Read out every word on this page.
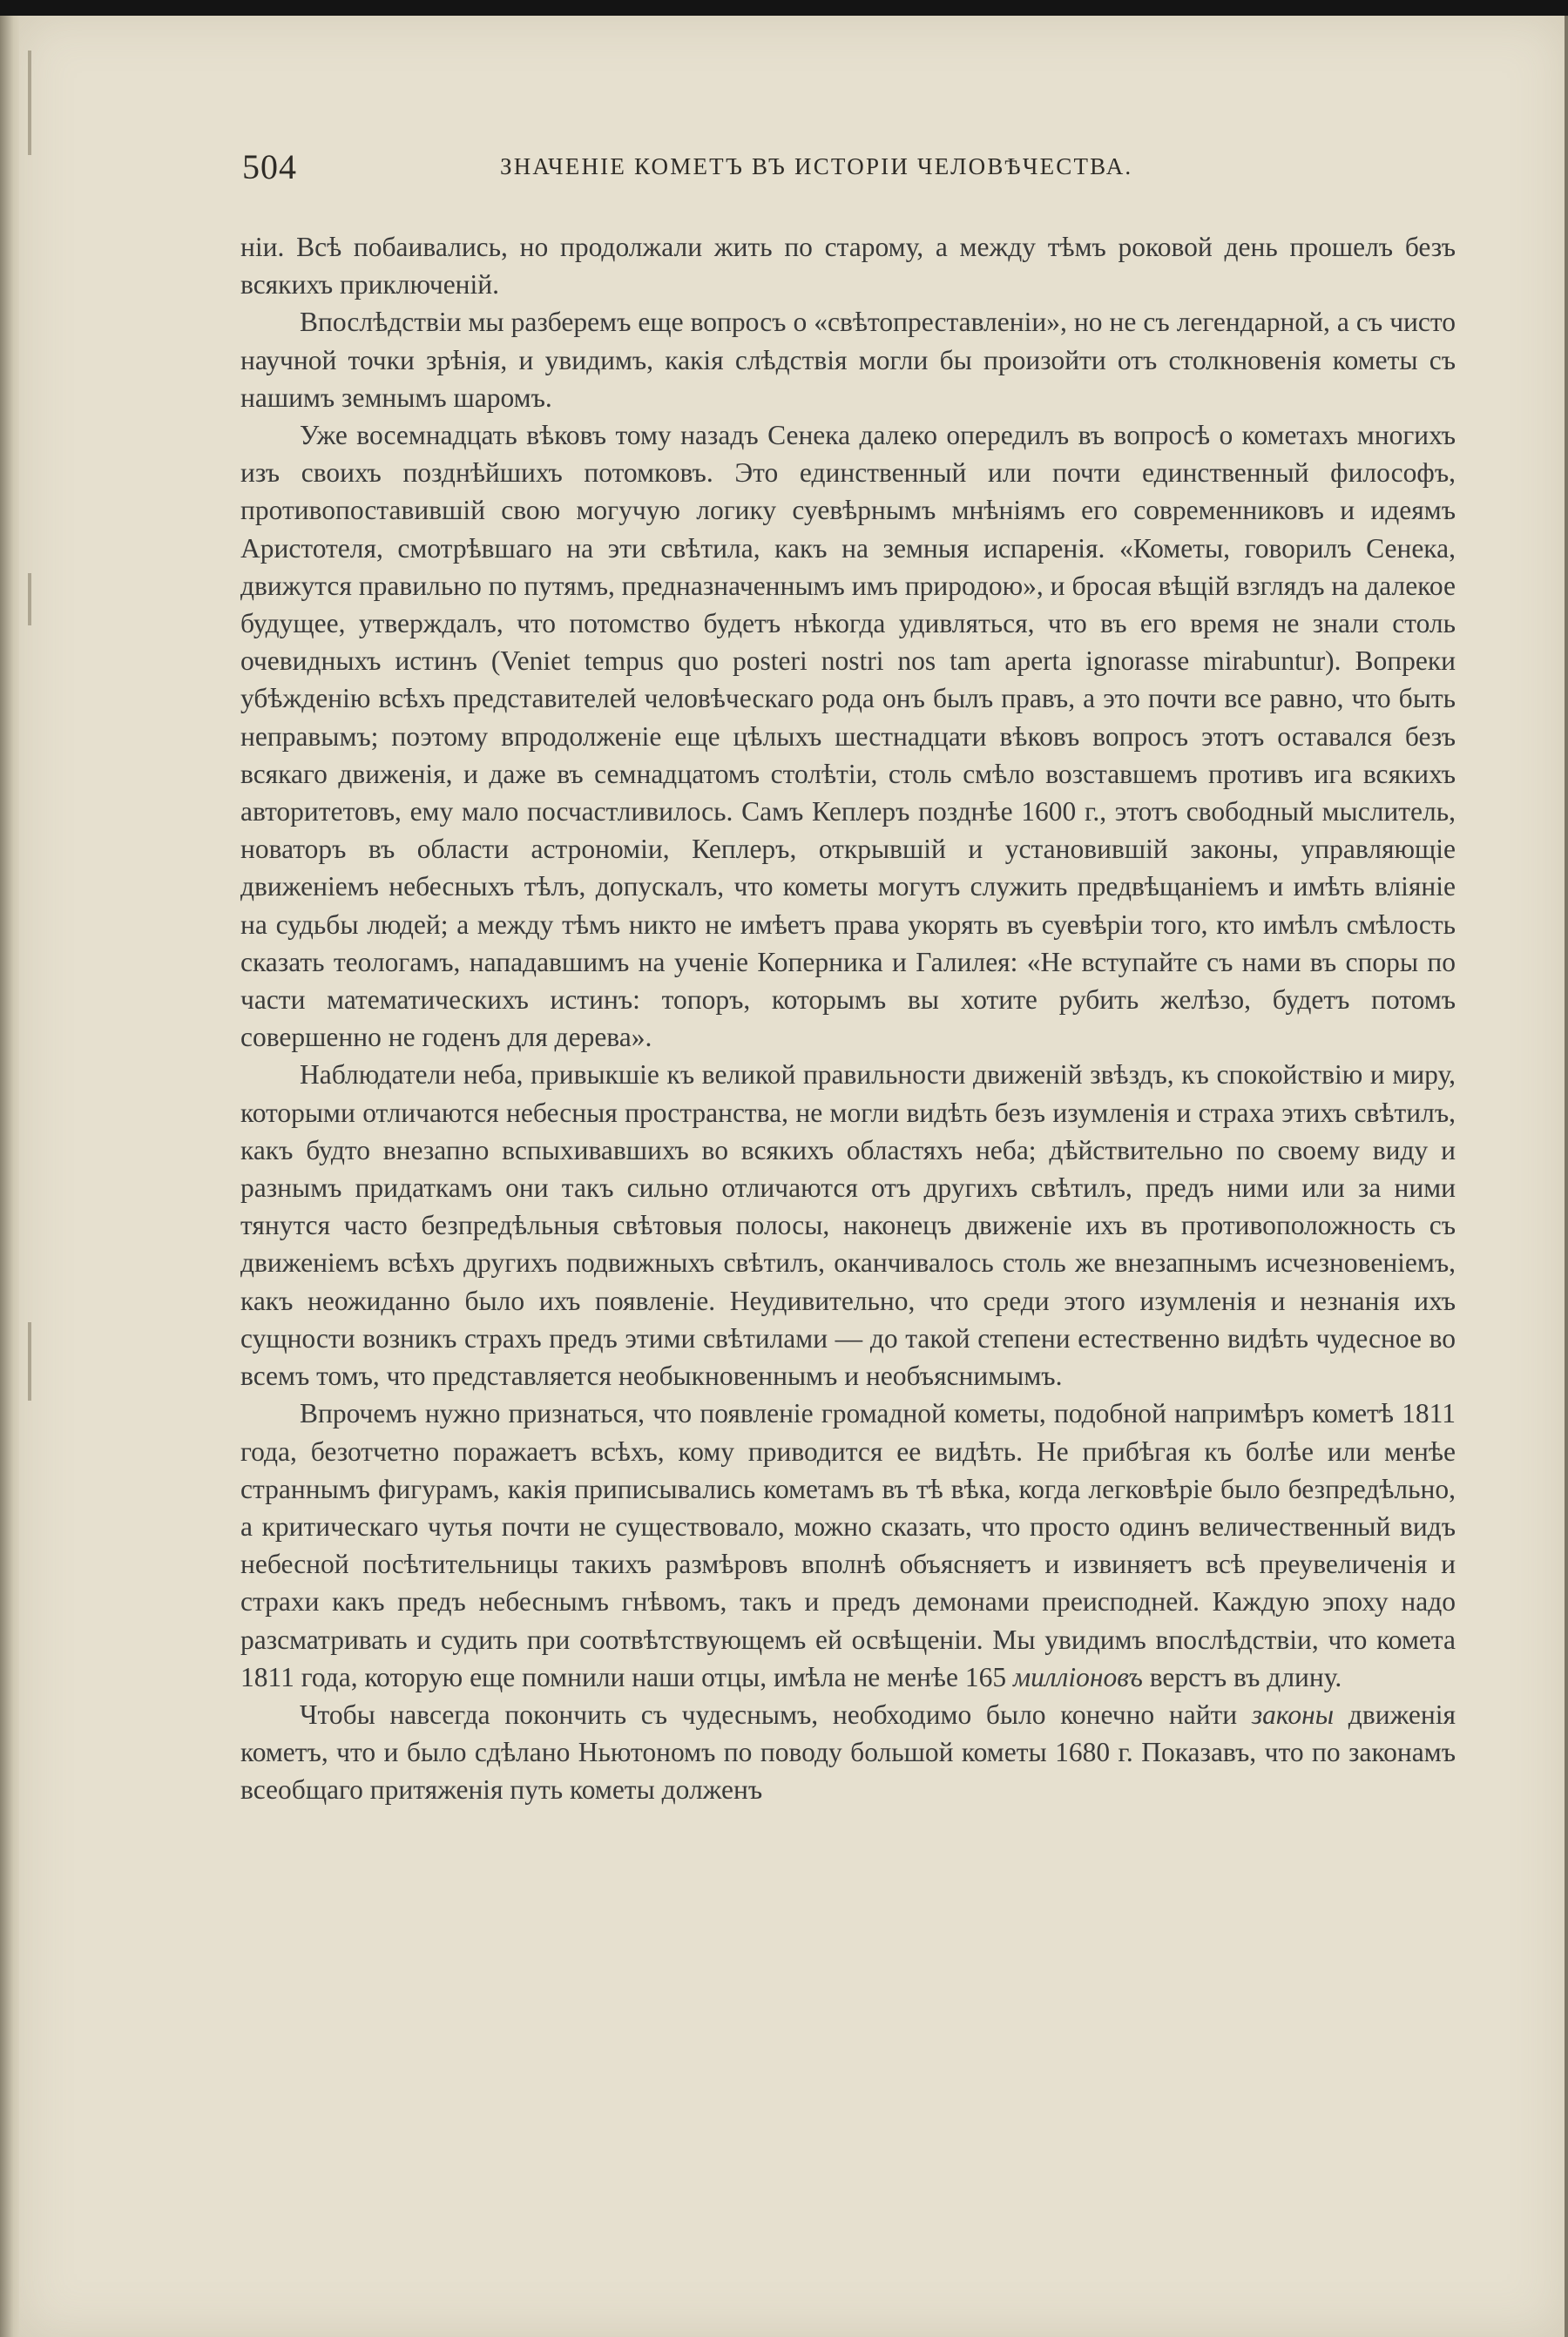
504	ЗНАЧЕНІЕ КОМЕТЪ ВЪ ИСТОРІИ ЧЕЛОВѢЧЕСТВА.

ніи. Всѣ побаивались, но продолжали жить по старому, а между тѣмъ роковой день прошелъ безъ всякихъ приключеній.

Впослѣдствіи мы разберемъ еще вопросъ о «свѣтопреставленіи», но не съ легендарной, а съ чисто научной точки зрѣнія, и увидимъ, какія слѣдствія могли бы произойти отъ столкновенія кометы съ нашимъ земнымъ шаромъ.

Уже восемнадцать вѣковъ тому назадъ Сенека далеко опередилъ въ вопросѣ о кометахъ многихъ изъ своихъ позднѣйшихъ потомковъ. Это единственный или почти единственный философъ, противопоставившій свою могучую логику суевѣрнымъ мнѣніямъ его современниковъ и идеямъ Аристотеля, смотрѣвшаго на эти свѣтила, какъ на земныя испаренія. «Кометы, говорилъ Сенека, движутся правильно по путямъ, предназначеннымъ имъ природою», и бросая вѣщій взглядъ на далекое будущее, утверждалъ, что потомство будетъ нѣкогда удивляться, что въ его время не знали столь очевидныхъ истинъ (Veniet tempus quo posteri nostri nos tam aperta ignorasse mirabuntur). Вопреки убѣжденію всѣхъ представителей человѣческаго рода онъ былъ правъ, а это почти все равно, что быть неправымъ; поэтому впродолженіе еще цѣлыхъ шестнадцати вѣковъ вопросъ этотъ оставался безъ всякаго движенія, и даже въ семнадцатомъ столѣтіи, столь смѣло возставшемъ противъ ига всякихъ авторитетовъ, ему мало посчастливилось. Самъ Кеплеръ позднѣе 1600 г., этотъ свободный мыслитель, новаторъ въ области астрономіи, Кеплеръ, открывшій и установившій законы, управляющіе движеніемъ небесныхъ тѣлъ, допускалъ, что кометы могутъ служить предвѣщаніемъ и имѣть вліяніе на судьбы людей; а между тѣмъ никто не имѣетъ права укорять въ суевѣріи того, кто имѣлъ смѣлость сказать теологамъ, нападавшимъ на ученіе Коперника и Галилея: «Не вступайте съ нами въ споры по части математическихъ истинъ: топоръ, которымъ вы хотите рубить желѣзо, будетъ потомъ совершенно не годенъ для дерева».

Наблюдатели неба, привыкшіе къ великой правильности движеній звѣздъ, къ спокойствію и миру, которыми отличаются небесныя пространства, не могли видѣть безъ изумленія и страха этихъ свѣтилъ, какъ будто внезапно вспыхивавшихъ во всякихъ областяхъ неба; дѣйствительно по своему виду и разнымъ придаткамъ они такъ сильно отличаются отъ другихъ свѣтилъ, предъ ними или за ними тянутся часто безпредѣльныя свѣтовыя полосы, наконецъ движеніе ихъ въ противоположность съ движеніемъ всѣхъ другихъ подвижныхъ свѣтилъ, оканчивалось столь же внезапнымъ исчезновеніемъ, какъ неожиданно было ихъ появленіе. Неудивительно, что среди этого изумленія и незнанія ихъ сущности возникъ страхъ предъ этими свѣтилами — до такой степени естественно видѣть чудесное во всемъ томъ, что представляется необыкновеннымъ и необъяснимымъ.

Впрочемъ нужно признаться, что появленіе громадной кометы, подобной напримѣръ кометѣ 1811 года, безотчетно поражаетъ всѣхъ, кому приводится ее видѣть. Не прибѣгая къ болѣе или менѣе страннымъ фигурамъ, какія приписывались кометамъ въ тѣ вѣка, когда легковѣріе было безпредѣльно, а критическаго чутья почти не существовало, можно сказать, что просто одинъ величественный видъ небесной посѣтительницы такихъ размѣровъ вполнѣ объясняетъ и извиняетъ всѣ преувеличенія и страхи какъ предъ небеснымъ гнѣвомъ, такъ и предъ демонами преисподней. Каждую эпоху надо разсматривать и судить при соотвѣтствующемъ ей освѣщеніи. Мы увидимъ впослѣдствіи, что комета 1811 года, которую еще помнили наши отцы, имѣла не менѣе 165 милліоновъ верстъ въ длину.

Чтобы навсегда покончить съ чудеснымъ, необходимо было конечно найти законы движенія кометъ, что и было сдѣлано Ньютономъ по поводу большой кометы 1680 г. Показавъ, что по законамъ всеобщаго притяженія путь кометы долженъ
